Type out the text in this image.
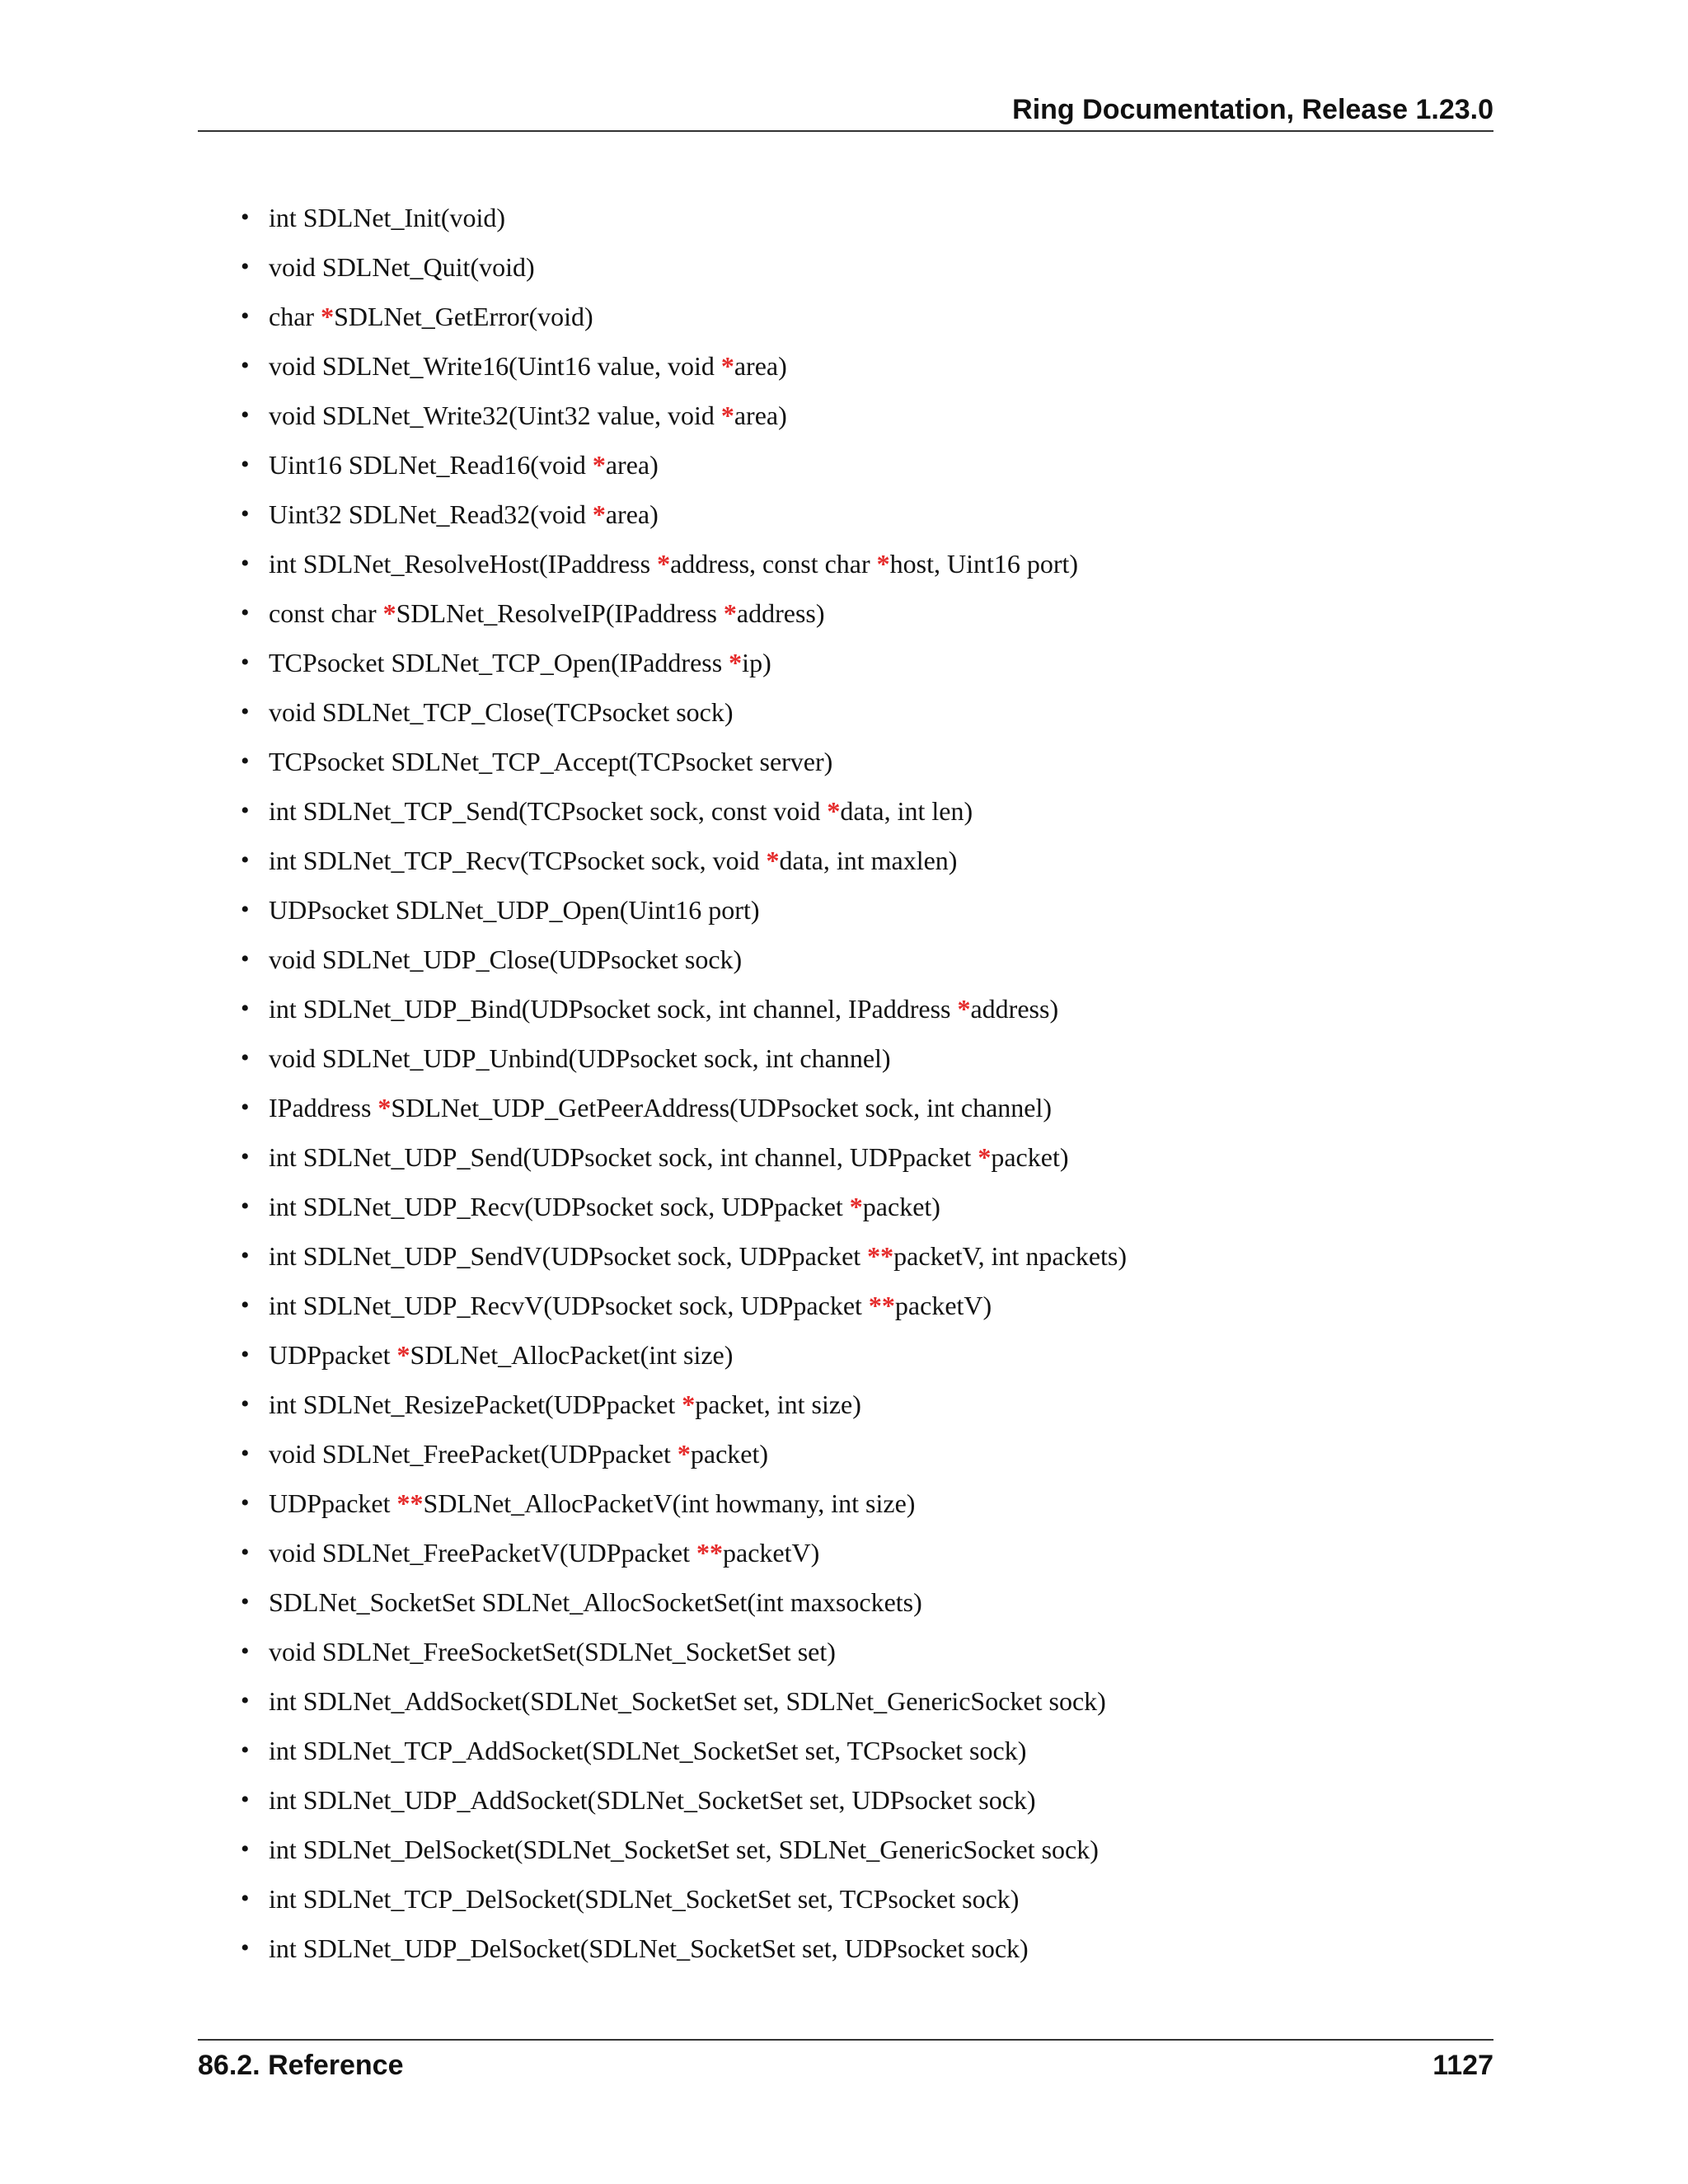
Ring Documentation, Release 1.23.0
• int SDLNet_Init(void)
• void SDLNet_Quit(void)
• char *SDLNet_GetError(void)
• void SDLNet_Write16(Uint16 value, void *area)
• void SDLNet_Write32(Uint32 value, void *area)
• Uint16 SDLNet_Read16(void *area)
• Uint32 SDLNet_Read32(void *area)
• int SDLNet_ResolveHost(IPaddress *address, const char *host, Uint16 port)
• const char *SDLNet_ResolveIP(IPaddress *address)
• TCPsocket SDLNet_TCP_Open(IPaddress *ip)
• void SDLNet_TCP_Close(TCPsocket sock)
• TCPsocket SDLNet_TCP_Accept(TCPsocket server)
• int SDLNet_TCP_Send(TCPsocket sock, const void *data, int len)
• int SDLNet_TCP_Recv(TCPsocket sock, void *data, int maxlen)
• UDPsocket SDLNet_UDP_Open(Uint16 port)
• void SDLNet_UDP_Close(UDPsocket sock)
• int SDLNet_UDP_Bind(UDPsocket sock, int channel, IPaddress *address)
• void SDLNet_UDP_Unbind(UDPsocket sock, int channel)
• IPaddress *SDLNet_UDP_GetPeerAddress(UDPsocket sock, int channel)
• int SDLNet_UDP_Send(UDPsocket sock, int channel, UDPpacket *packet)
• int SDLNet_UDP_Recv(UDPsocket sock, UDPpacket *packet)
• int SDLNet_UDP_SendV(UDPsocket sock, UDPpacket **packetV, int npackets)
• int SDLNet_UDP_RecvV(UDPsocket sock, UDPpacket **packetV)
• UDPpacket *SDLNet_AllocPacket(int size)
• int SDLNet_ResizePacket(UDPpacket *packet, int size)
• void SDLNet_FreePacket(UDPpacket *packet)
• UDPpacket **SDLNet_AllocPacketV(int howmany, int size)
• void SDLNet_FreePacketV(UDPpacket **packetV)
• SDLNet_SocketSet SDLNet_AllocSocketSet(int maxsockets)
• void SDLNet_FreeSocketSet(SDLNet_SocketSet set)
• int SDLNet_AddSocket(SDLNet_SocketSet set, SDLNet_GenericSocket sock)
• int SDLNet_TCP_AddSocket(SDLNet_SocketSet set, TCPsocket sock)
• int SDLNet_UDP_AddSocket(SDLNet_SocketSet set, UDPsocket sock)
• int SDLNet_DelSocket(SDLNet_SocketSet set, SDLNet_GenericSocket sock)
• int SDLNet_TCP_DelSocket(SDLNet_SocketSet set, TCPsocket sock)
• int SDLNet_UDP_DelSocket(SDLNet_SocketSet set, UDPsocket sock)
86.2. Reference	1127
